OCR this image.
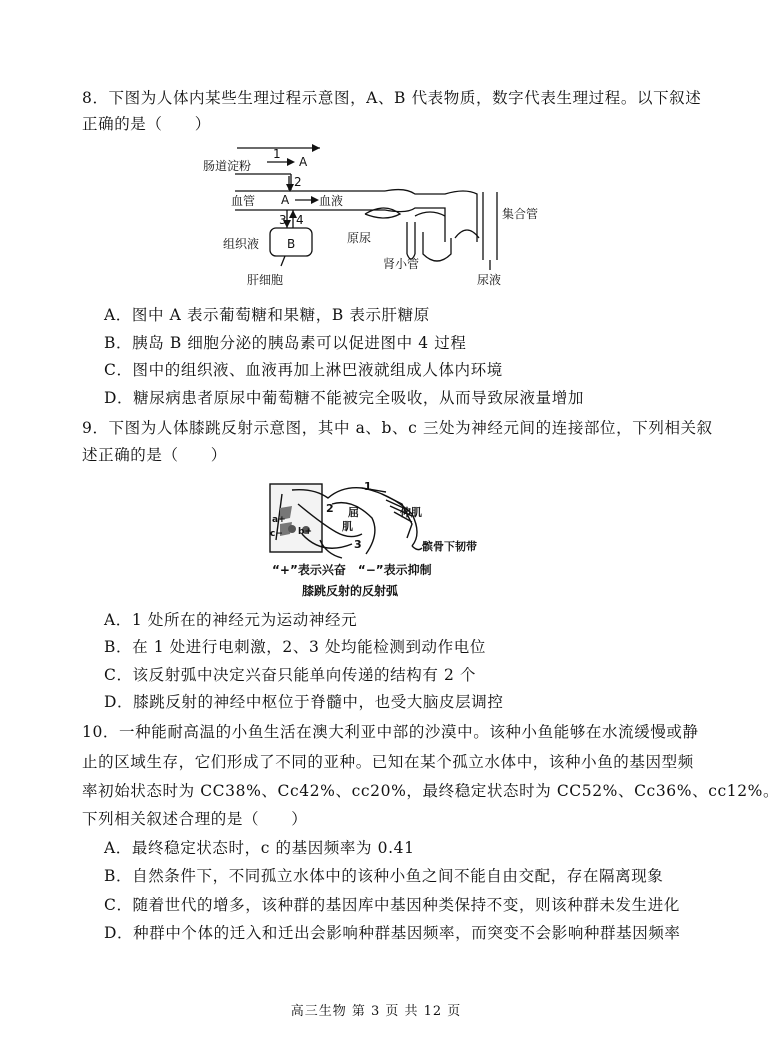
8．下图为人体内某些生理过程示意图，A、B 代表物质，数字代表生理过程。以下叙述
正确的是（　　）
肠道淀粉
1
A
2
血管 A 血液
3 4
组织液 B
肝细胞
原尿
肾小管
集合管
尿液
A．图中 A 表示葡萄糖和果糖，B 表示肝糖原
B．胰岛 B 细胞分泌的胰岛素可以促进图中 4 过程
C．图中的组织液、血液再加上淋巴液就组成人体内环境
D．糖尿病患者原尿中葡萄糖不能被完全吸收，从而导致尿液量增加
9．下图为人体膝跳反射示意图，其中 a、b、c 三处为神经元间的连接部位，下列相关叙
述正确的是（　　）
1
2
3
屈
肌
伸肌
髌骨下韧带
a+
c− b+
“+”表示兴奋　“−”表示抑制
膝跳反射的反射弧
A．1 处所在的神经元为运动神经元
B．在 1 处进行电刺激，2、3 处均能检测到动作电位
C．该反射弧中决定兴奋只能单向传递的结构有 2 个
D．膝跳反射的神经中枢位于脊髓中，也受大脑皮层调控
10．一种能耐高温的小鱼生活在澳大利亚中部的沙漠中。该种小鱼能够在水流缓慢或静
止的区域生存，它们形成了不同的亚种。已知在某个孤立水体中，该种小鱼的基因型频
率初始状态时为 CC38%、Cc42%、cc20%，最终稳定状态时为 CC52%、Cc36%、cc12%。
下列相关叙述合理的是（　　）
A．最终稳定状态时，c 的基因频率为 0.41
B．自然条件下，不同孤立水体中的该种小鱼之间不能自由交配，存在隔离现象
C．随着世代的增多，该种群的基因库中基因种类保持不变，则该种群未发生进化
D．种群中个体的迁入和迁出会影响种群基因频率，而突变不会影响种群基因频率
高三生物 第 3 页 共 12 页
